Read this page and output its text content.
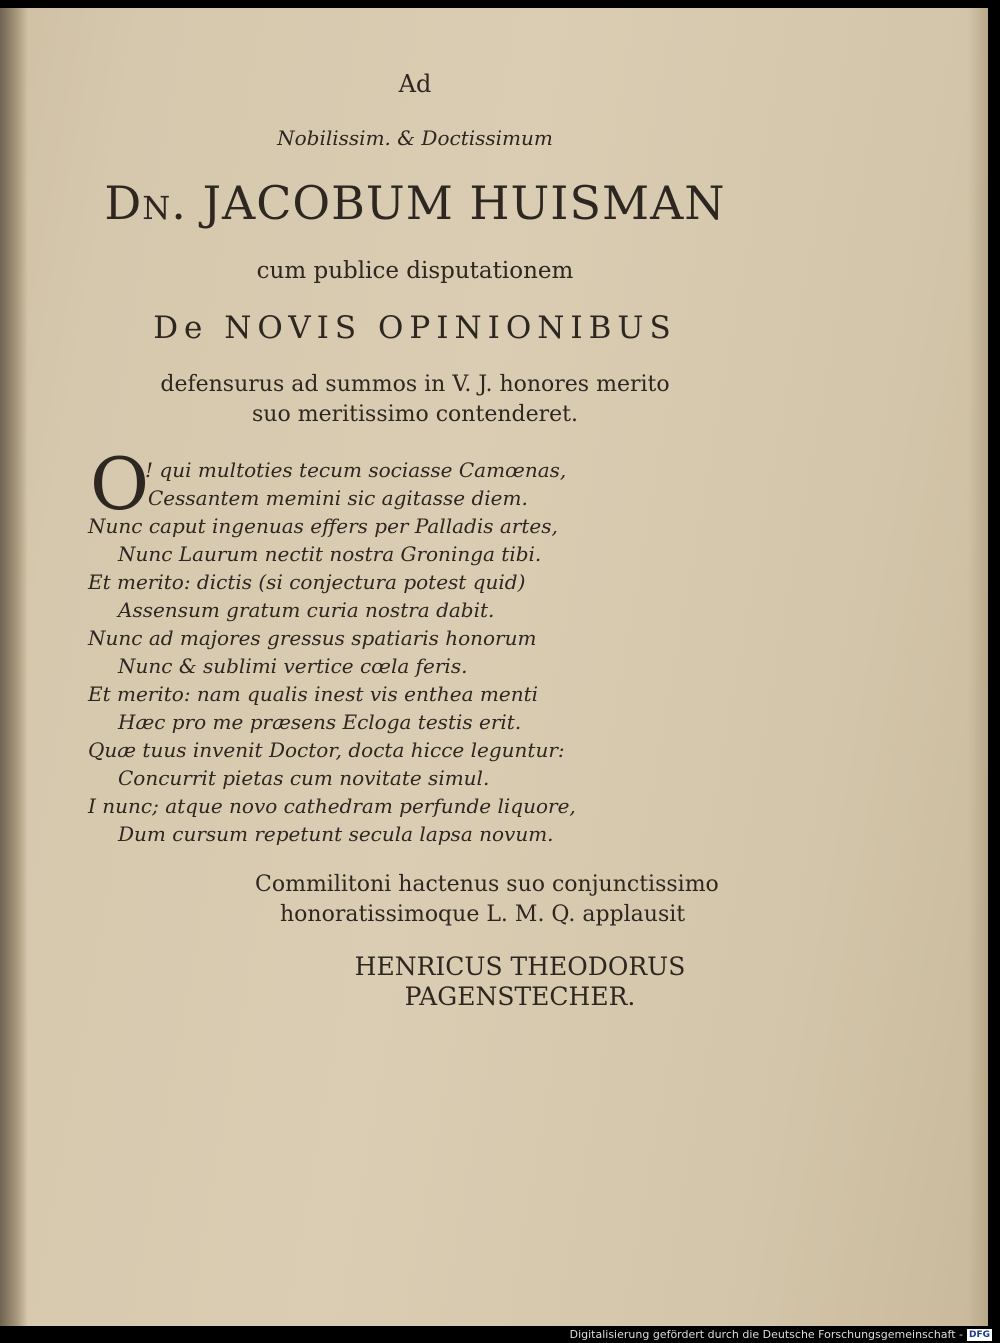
Ad
Nobilissim. & Doctissimum
Dn. JACOBUM HUISMAN
cum publice disputationem
De NOVIS OPINIONIBUS
defensurus ad summos in V. J. honores merito
suo meritissimo contenderet.
O
! qui multoties tecum sociasse Camœnas,
Cessantem memini sic agitasse diem.
Nunc caput ingenuas effers per Palladis artes,
Nunc Laurum nectit nostra Groninga tibi.
Et merito: dictis (si conjectura potest quid)
Assensum gratum curia nostra dabit.
Nunc ad majores gressus spatiaris honorum
Nunc & sublimi vertice cœla feris.
Et merito: nam qualis inest vis enthea menti
Hæc pro me præsens Ecloga testis erit.
Quæ tuus invenit Doctor, docta hicce leguntur:
Concurrit pietas cum novitate simul.
I nunc; atque novo cathedram perfunde liquore,
Dum cursum repetunt secula lapsa novum.
Commilitoni hactenus suo conjunctissimo
honoratissimoque L. M. Q. applausit
HENRICUS THEODORUS
PAGENSTECHER.
Digitalisierung gefördert durch die Deutsche Forschungsgemeinschaft - DFG
